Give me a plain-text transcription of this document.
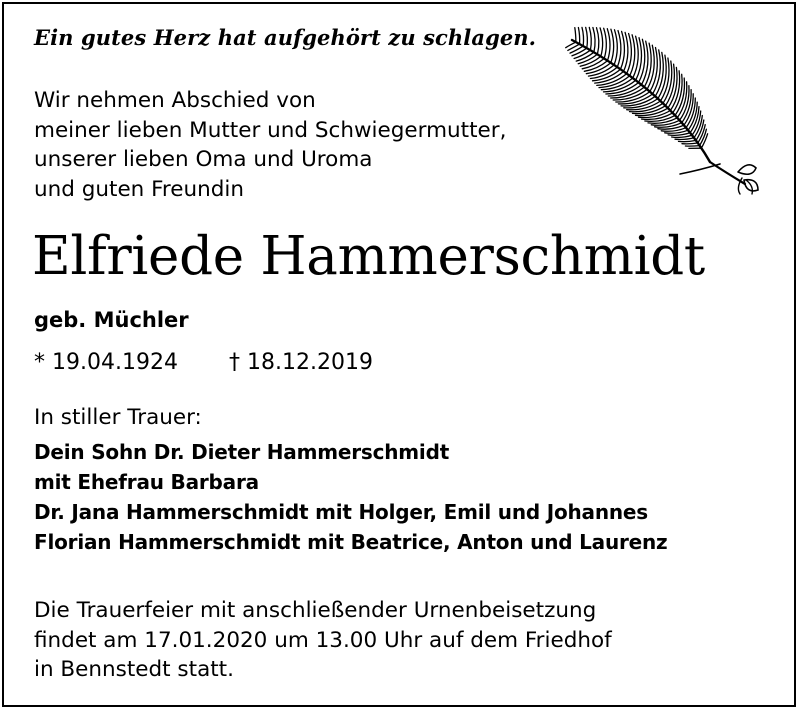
Ein gutes Herz hat aufgehört zu schlagen.
Wir nehmen Abschied von
meiner lieben Mutter und Schwiegermutter,
unserer lieben Oma und Uroma
und guten Freundin
Elfriede Hammerschmidt
geb. Müchler
* 19.04.1924 † 18.12.2019
In stiller Trauer:
Dein Sohn Dr. Dieter Hammerschmidt
mit Ehefrau Barbara
Dr. Jana Hammerschmidt mit Holger, Emil und Johannes
Florian Hammerschmidt mit Beatrice, Anton und Laurenz
Die Trauerfeier mit anschließender Urnenbeisetzung
findet am 17.01.2020 um 13.00 Uhr auf dem Friedhof
in Bennstedt statt.
